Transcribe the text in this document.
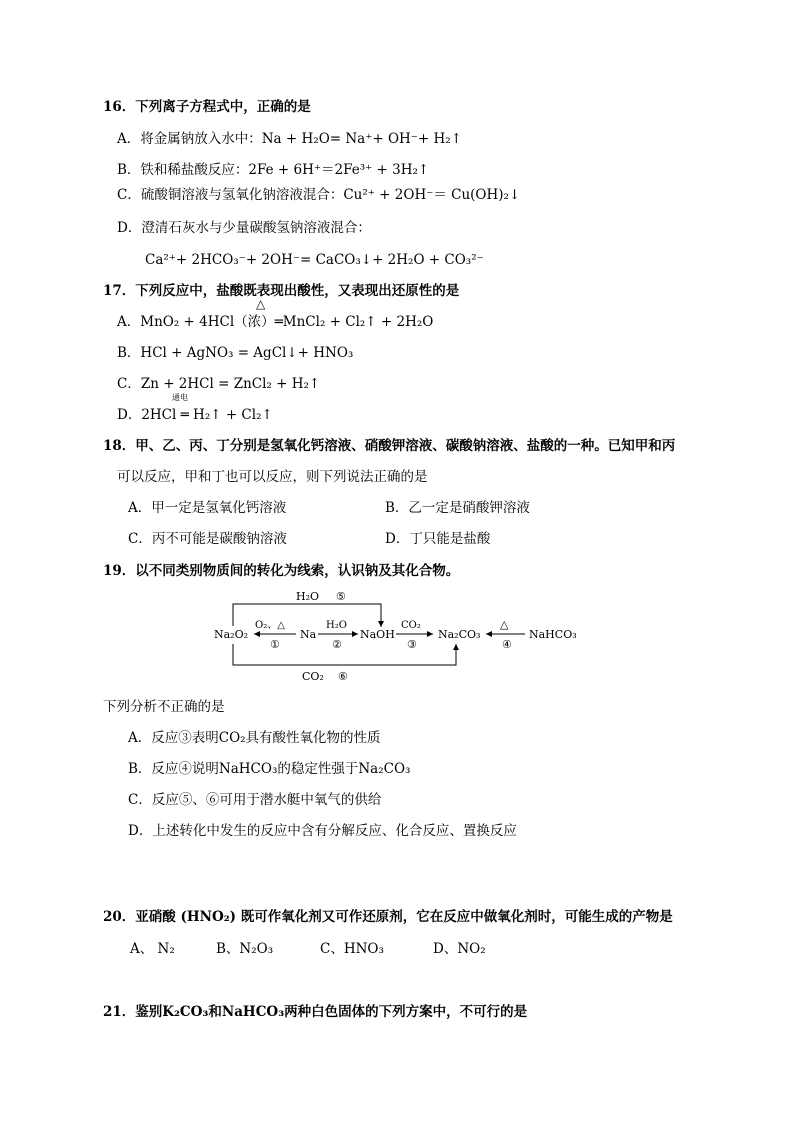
16．下列离子方程式中，正确的是
A．将金属钠放入水中：Na + H₂O= Na⁺+ OH⁻+ H₂↑
B．铁和稀盐酸反应：2Fe + 6H⁺＝2Fe³⁺ + 3H₂↑
C．硫酸铜溶液与氢氧化钠溶液混合：Cu²⁺ + 2OH⁻＝ Cu(OH)₂↓
D．澄清石灰水与少量碳酸氢钠溶液混合：
Ca²⁺+ 2HCO₃⁻+ 2OH⁻= CaCO₃↓+ 2H₂O + CO₃²⁻
17．下列反应中，盐酸既表现出酸性，又表现出还原性的是
△
A．MnO₂ + 4HCl（浓）═MnCl₂ + Cl₂↑ + 2H₂O
B．HCl + AgNO₃ = AgCl↓+ HNO₃
C．Zn + 2HCl = ZnCl₂ + H₂↑
通电
D．2HCl ═ H₂↑ + Cl₂↑
18．甲、乙、丙、丁分别是氢氧化钙溶液、硝酸钾溶液、碳酸钠溶液、盐酸的一种。已知甲和丙
可以反应，甲和丁也可以反应，则下列说法正确的是
A．甲一定是氢氧化钙溶液	B．乙一定是硝酸钾溶液
C．丙不可能是碳酸钠溶液	D．丁只能是盐酸
19．以不同类别物质间的转化为线索，认识钠及其化合物。
Na₂O₂	Na	NaOH	Na₂CO₃	NaHCO₃
O₂、△	H₂O	CO₂	△
H₂O
CO₂
①	②	③	④
⑤
⑥
下列分析不正确的是
A．反应③表明CO₂具有酸性氧化物的性质
B．反应④说明NaHCO₃的稳定性强于Na₂CO₃
C．反应⑤、⑥可用于潜水艇中氧气的供给
D．上述转化中发生的反应中含有分解反应、化合反应、置换反应
20．亚硝酸 (HNO₂) 既可作氧化剂又可作还原剂，它在反应中做氧化剂时，可能生成的产物是
A、 N₂	B、N₂O₃	C、HNO₃	D、NO₂
21．鉴别K₂CO₃和NaHCO₃两种白色固体的下列方案中，不可行的是
